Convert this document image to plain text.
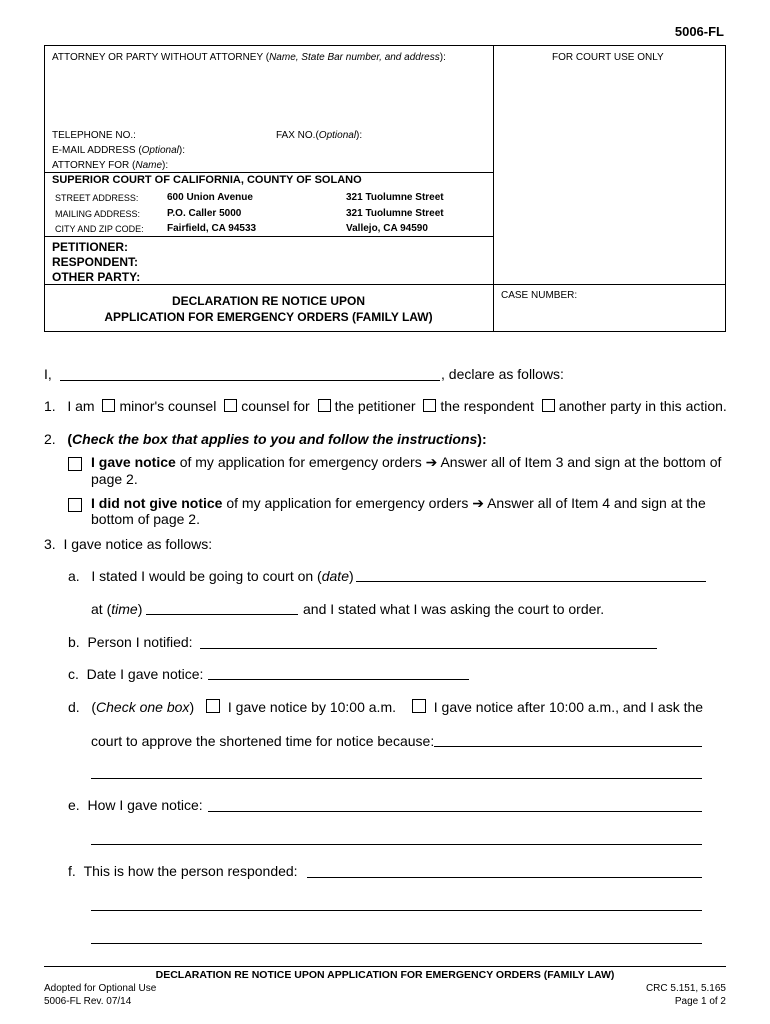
5006-FL
ATTORNEY OR PARTY WITHOUT ATTORNEY (Name, State Bar number, and address):	FOR COURT USE ONLY
TELEPHONE NO.:	FAX NO.(Optional):
E-MAIL ADDRESS (Optional):
ATTORNEY FOR (Name):
SUPERIOR COURT OF CALIFORNIA, COUNTY OF SOLANO
STREET ADDRESS:	600 Union Avenue	321 Tuolumne Street
MAILING ADDRESS:	P.O. Caller 5000	321 Tuolumne Street
CITY AND ZIP CODE: Fairfield, CA 94533	Vallejo, CA 94590
PETITIONER:
RESPONDENT:
OTHER PARTY:
DECLARATION RE NOTICE UPON
APPLICATION FOR EMERGENCY ORDERS (FAMILY LAW)
CASE NUMBER:
I,	, declare as follows:
1. I am minor's counsel counsel for the petitioner the respondent another party in this action.
2. (Check the box that applies to you and follow the instructions):
I gave notice of my application for emergency orders ➔ Answer all of Item 3 and sign at the bottom of
page 2.
I did not give notice of my application for emergency orders ➔ Answer all of Item 4 and sign at the
bottom of page 2.
3. I gave notice as follows:
a. I stated I would be going to court on (date)
at (time)	and I stated what I was asking the court to order.
b. Person I notified:
c. Date I gave notice:
d. (Check one box) I gave notice by 10:00 a.m.	I gave notice after 10:00 a.m., and I ask the
court to approve the shortened time for notice because:
e. How I gave notice:
f. This is how the person responded:
DECLARATION RE NOTICE UPON APPLICATION FOR EMERGENCY ORDERS (FAMILY LAW)
Adopted for Optional Use
5006-FL Rev. 07/14
CRC 5.151, 5.165
Page 1 of 2
